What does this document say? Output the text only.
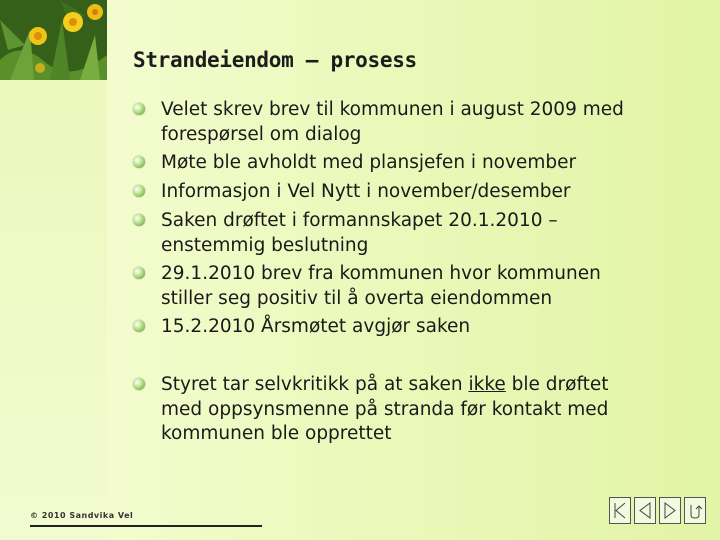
Strandeiendom – prosess
Velet skrev brev til kommunen i august 2009 med
forespørsel om dialog
Møte ble avholdt med plansjefen i november
Informasjon i Vel Nytt i november/desember
Saken drøftet i formannskapet 20.1.2010 –
enstemmig beslutning
29.1.2010 brev fra kommunen hvor kommunen
stiller seg positiv til å overta eiendommen
15.2.2010 Årsmøtet avgjør saken
Styret tar selvkritikk på at saken ikke ble drøftet
med oppsynsmenne på stranda før kontakt med
kommunen ble opprettet
© 2010 Sandvika Vel
